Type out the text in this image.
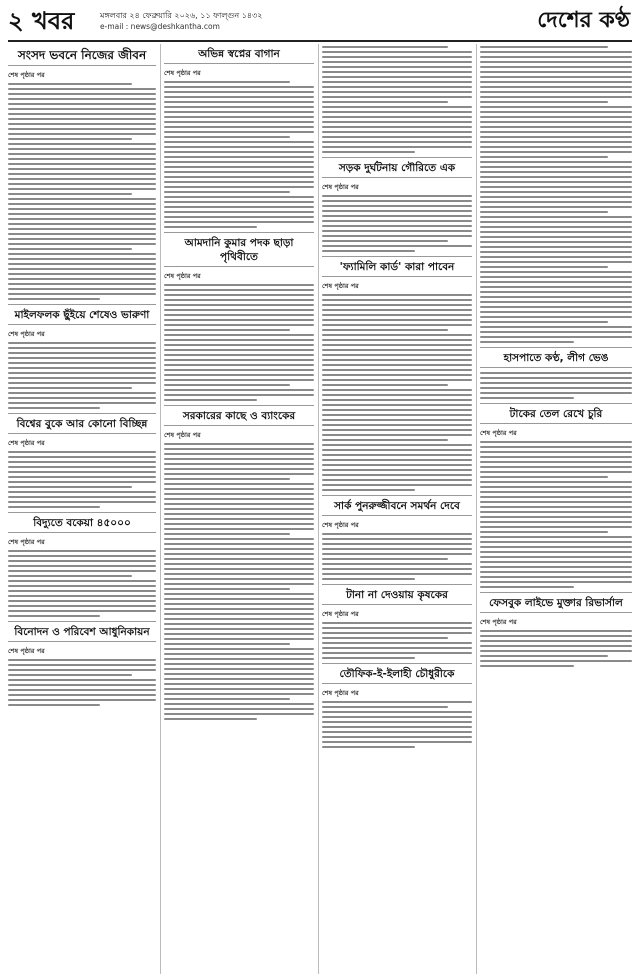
২ খবর	মঙ্গলবার ২৪ ফেব্রুয়ারি ২০২৬, ১১ ফাল্গুন ১৪৩২
e-mail : news@deshkantha.com	দেশের কণ্ঠ
সংসদ ভবনে নিজের জীবন
শেষ পৃষ্ঠার পর
মাইলফলক ছুঁইয়ে শেষেও ভারুণা
শেষ পৃষ্ঠার পর
বিশ্বের বুকে আর কোনো বিচ্ছিন্ন
শেষ পৃষ্ঠার পর
বিদ্যুতে বকেয়া ৪৫০০০
শেষ পৃষ্ঠার পর
বিনোদন ও পরিবেশ আধুনিকায়ন
শেষ পৃষ্ঠার পর
অভিন্ন স্বপ্নের বাগান
শেষ পৃষ্ঠার পর
আমদানি কুমার পদক ছাড়া পৃথিবীতে
শেষ পৃষ্ঠার পর
সরকারের কাছে ও ব্যাংকের
শেষ পৃষ্ঠার পর
সড়ক দুর্ঘটনায় গৌরিতে এক
শেষ পৃষ্ঠার পর
'ফ্যামিলি কার্ড' কারা পাবেন
শেষ পৃষ্ঠার পর
সার্ক পুনরুজ্জীবনে সমর্থন দেবে
শেষ পৃষ্ঠার পর
টানা না দেওয়ায় কৃষকের
শেষ পৃষ্ঠার পর
তৌফিক-ই-ইলাহী চৌধুরীকে
শেষ পৃষ্ঠার পর
হাসপাতে কণ্ঠ, লীগ ভেঙ
টাকের তেল রেখে চুরি
শেষ পৃষ্ঠার পর
ফেসবুক লাইভে মুক্তার রিভার্সাল
শেষ পৃষ্ঠার পর
